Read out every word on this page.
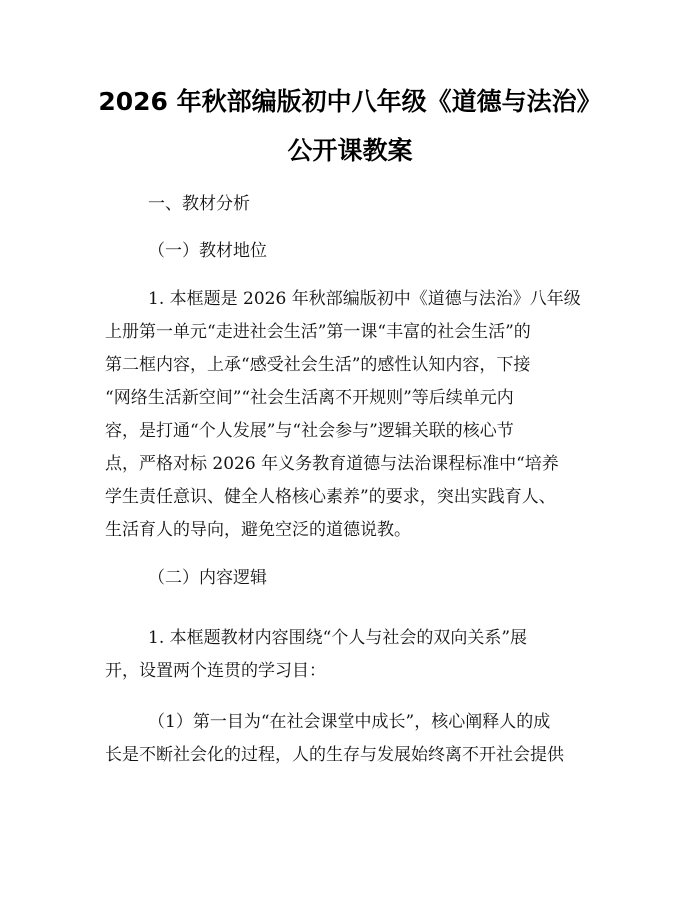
2026 年秋部编版初中八年级《道德与法治》
公开课教案
一、教材分析
（一）教材地位
1. 本框题是 2026 年秋部编版初中《道德与法治》八年级
上册第一单元“走进社会生活”第一课“丰富的社会生活”的
第二框内容，上承“感受社会生活”的感性认知内容，下接
“网络生活新空间”“社会生活离不开规则”等后续单元内
容，是打通“个人发展”与“社会参与”逻辑关联的核心节
点，严格对标 2026 年义务教育道德与法治课程标准中“培养
学生责任意识、健全人格核心素养”的要求，突出实践育人、
生活育人的导向，避免空泛的道德说教。
（二）内容逻辑
1. 本框题教材内容围绕“个人与社会的双向关系”展
开，设置两个连贯的学习目：
（1）第一目为“在社会课堂中成长”，核心阐释人的成
长是不断社会化的过程，人的生存与发展始终离不开社会提供
